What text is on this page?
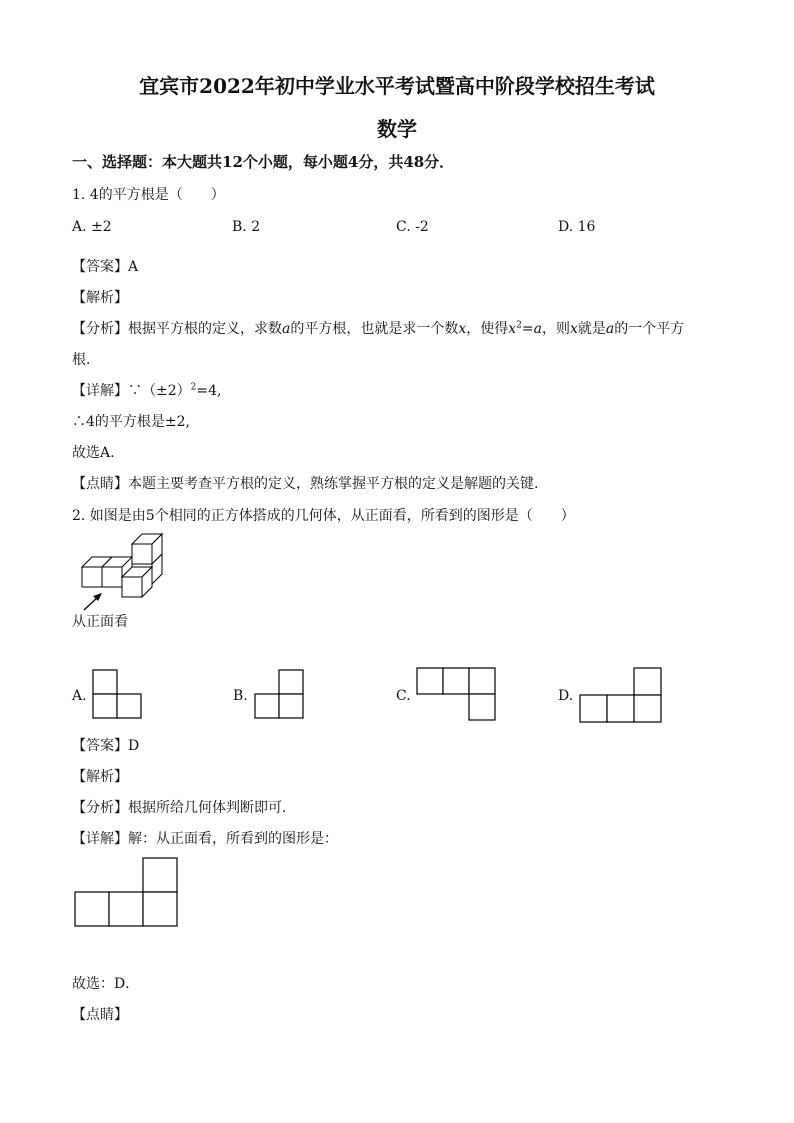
宜宾市2022年初中学业水平考试暨高中阶段学校招生考试
数学
一、选择题：本大题共12个小题，每小题4分，共48分．
1. 4的平方根是（　　）
A. ±2	B. 2	C. -2	D. 16
【答案】A
【解析】
【分析】根据平方根的定义，求数a的平方根，也就是求一个数x，使得$x^2=a$，则x就是a的一个平方
根．
【详解】$\because(\pm 2)^2=4$,
∴4的平方根是±2,
故选A.
【点睛】本题主要考查平方根的定义，熟练掌握平方根的定义是解题的关键.
2. 如图是由5个相同的正方体搭成的几何体，从正面看，所看到的图形是（　　）
从正面看
A.	B.	C.	D.
【答案】D
【解析】
【分析】根据所给几何体判断即可．
【详解】解：从正面看，所看到的图形是：
故选：D．
【点睛】
